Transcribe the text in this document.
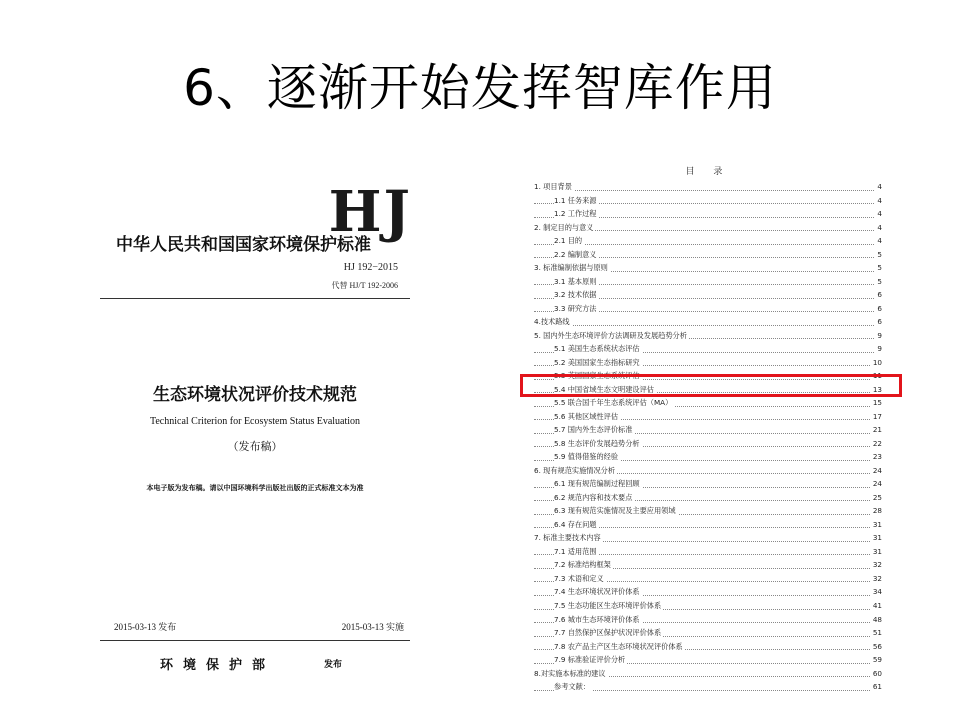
6、逐渐开始发挥智库作用
HJ
中华人民共和国国家环境保护标准
HJ 192−2015
代替 HJ/T 192-2006
生态环境状况评价技术规范
Technical Criterion for Ecosystem Status Evaluation
（发布稿）
本电子版为发布稿。请以中国环境科学出版社出版的正式标准文本为准
2015-03-13 发布	2015-03-13 实施
环境保护部	发布
目 录
1. 项目背景	4
1.1 任务来源	4
1.2 工作过程	4
2. 制定目的与意义	4
2.1 目的	4
2.2 编制意义	5
3. 标准编制依据与原则	5
3.1 基本原则	5
3.2 技术依据	6
3.3 研究方法	6
4.技术路线	6
5. 国内外生态环境评价方法调研及发展趋势分析	9
5.1 美国生态系统状态评估	9
5.2 美国国家生态指标研究	10
5.3 英国国家生态系统评估	11
5.4 中国省域生态文明建设评估	13
5.5 联合国千年生态系统评估（MA）	15
5.6 其他区域性评估	17
5.7 国内外生态评价标准	21
5.8 生态评价发展趋势分析	22
5.9 值得借鉴的经验	23
6. 现有规范实施情况分析	24
6.1 现有规范编制过程回顾	24
6.2 规范内容和技术要点	25
6.3 现有规范实施情况及主要应用领域	28
6.4 存在问题	31
7. 标准主要技术内容	31
7.1 适用范围	31
7.2 标准结构框架	32
7.3 术语和定义	32
7.4 生态环境状况评价体系	34
7.5 生态功能区生态环境评价体系	41
7.6 城市生态环境评价体系	48
7.7 自然保护区保护状况评价体系	51
7.8 农产品主产区生态环境状况评价体系	56
7.9 标准验证评价分析	59
8.对实施本标准的建议	60
参考文献：	61
